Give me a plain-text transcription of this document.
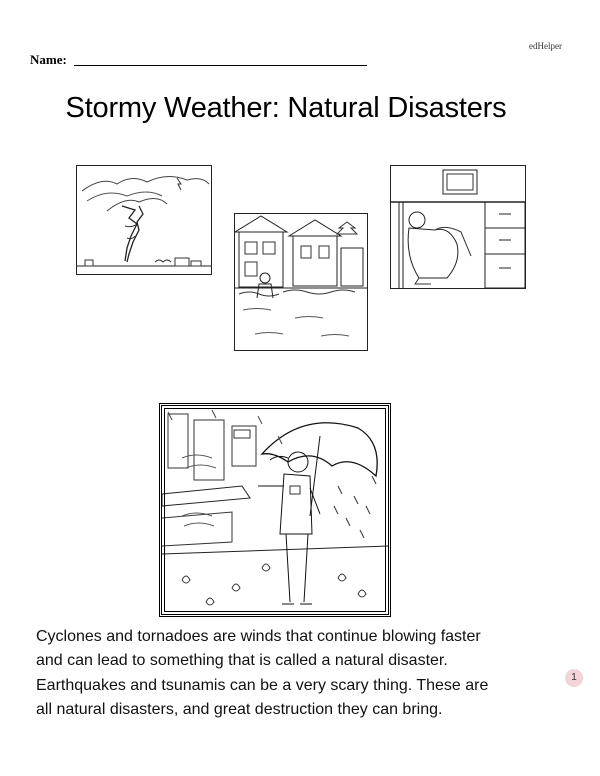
edHelper
Name:
Stormy Weather: Natural Disasters

Cyclones and tornadoes are winds that continue blowing faster

and can lead to something that is called a natural disaster.

Earthquakes and tsunamis can be a very scary thing. These are

all natural disasters, and great destruction they can bring.

1
